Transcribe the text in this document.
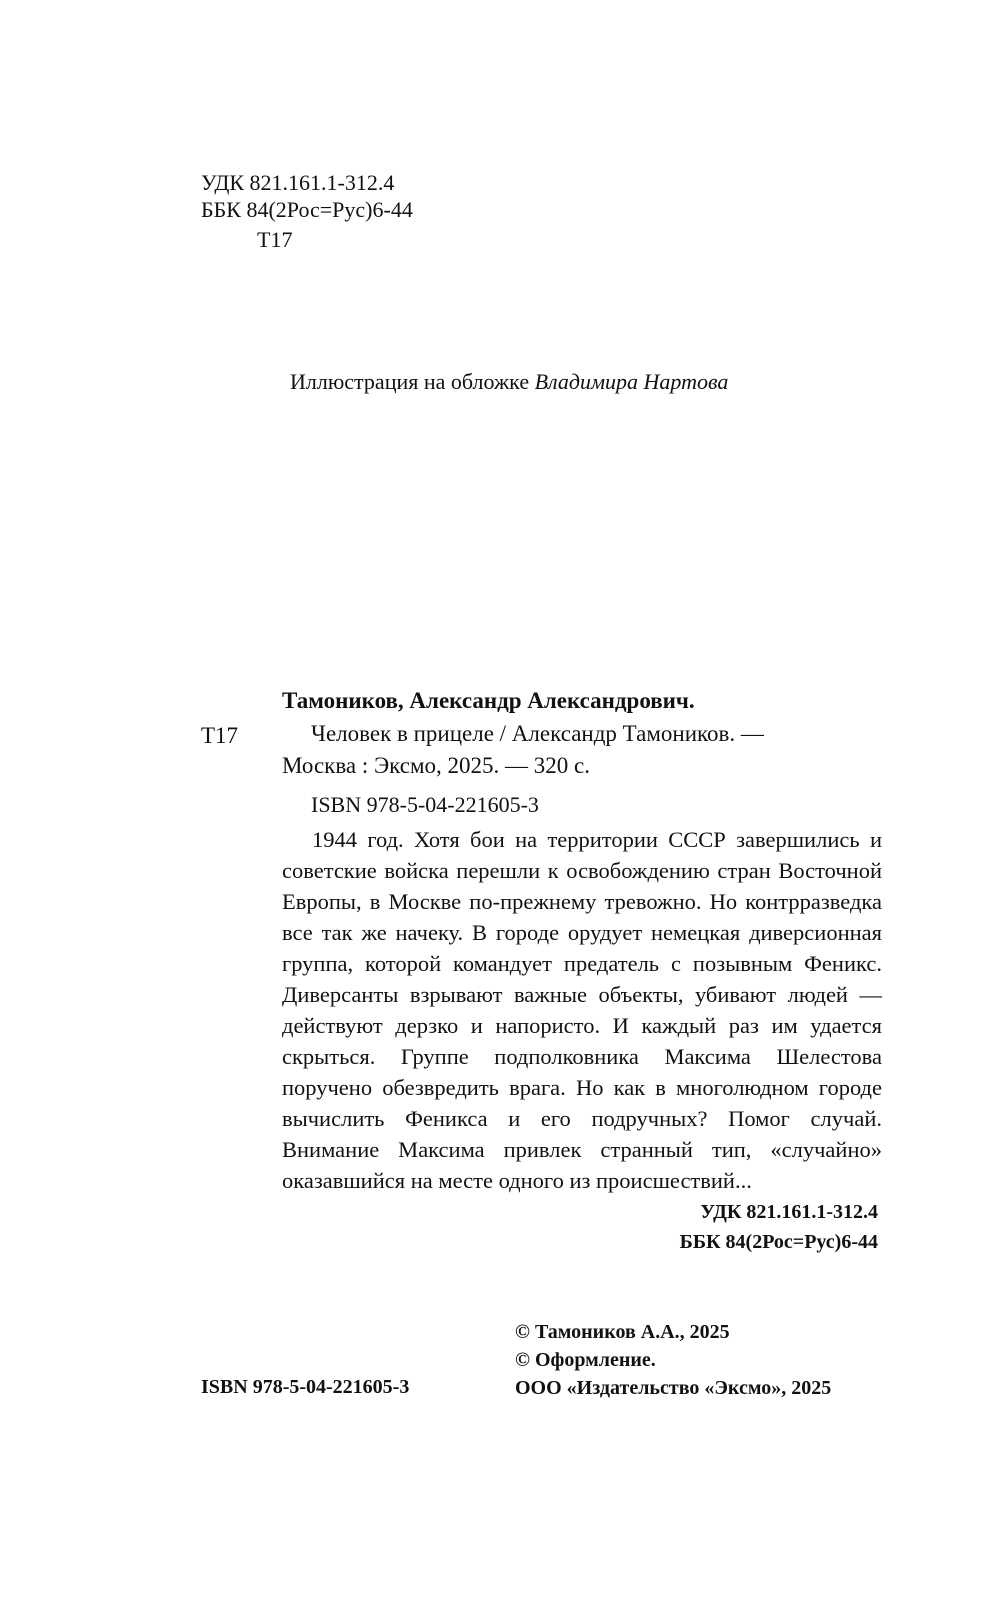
УДК 821.161.1-312.4
ББК 84(2Рос=Рус)6-44
Т17
Иллюстрация на обложке Владимира Нартова
Тамоников, Александр Александрович.
Т17	Человек в прицеле / Александр Тамоников. —
Москва : Эксмо, 2025. — 320 с.
ISBN 978-5-04-221605-3

1944 год. Хотя бои на территории СССР завершились и советские войска перешли к освобождению стран Восточной Европы, в Москве по-прежнему тревожно. Но контрразведка все так же начеку. В городе орудует немецкая диверсионная группа, которой командует предатель с позывным Феникс. Диверсанты взрывают важные объекты, убивают людей — действуют дерзко и напористо. И каждый раз им удается скрыться. Группе подполковника Максима Шелестова поручено обезвредить врага. Но как в многолюдном городе вычислить Феникса и его подручных? Помог случай. Внимание Максима привлек странный тип, «случайно» оказавшийся на месте одного из происшествий...

УДК 821.161.1-312.4
ББК 84(2Рос=Рус)6-44
© Тамоников А.А., 2025
© Оформление.
ООО «Издательство «Эксмо», 2025
ISBN 978-5-04-221605-3
